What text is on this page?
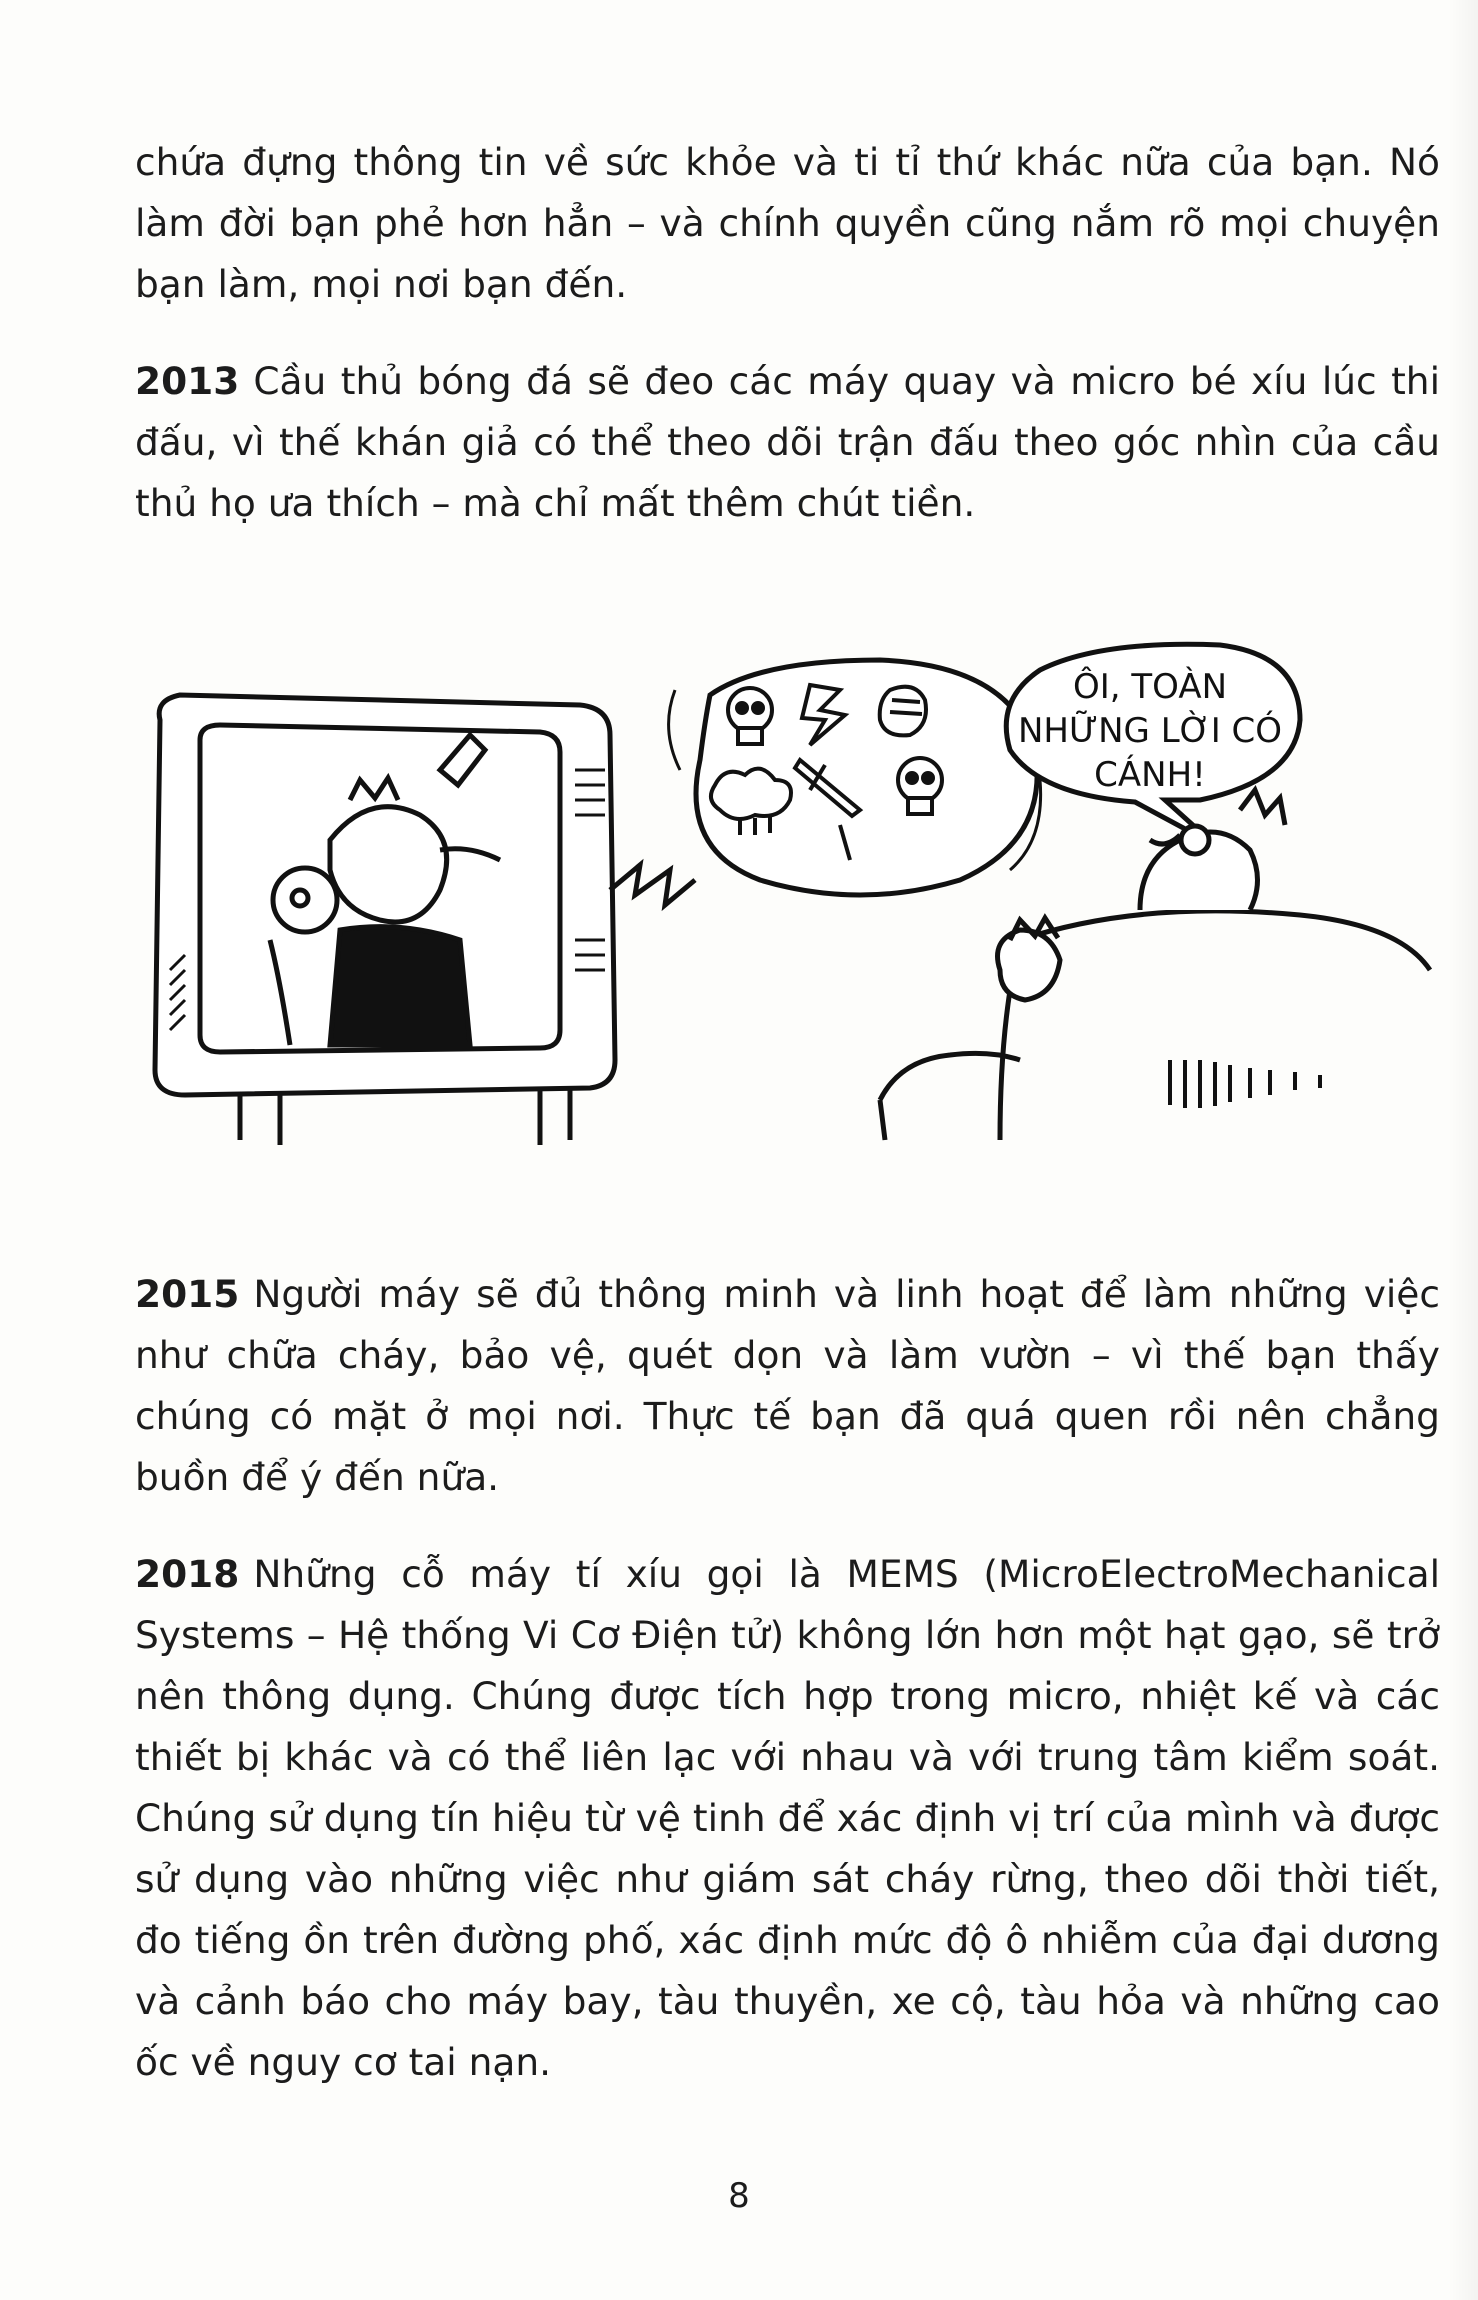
chứa đựng thông tin về sức khỏe và ti tỉ thứ khác nữa của bạn. Nó làm đời bạn phẻ hơn hẳn – và chính quyền cũng nắm rõ mọi chuyện bạn làm, mọi nơi bạn đến.

2013 Cầu thủ bóng đá sẽ đeo các máy quay và micro bé xíu lúc thi đấu, vì thế khán giả có thể theo dõi trận đấu theo góc nhìn của cầu thủ họ ưa thích – mà chỉ mất thêm chút tiền.

ÔI, TOÀN
NHỮNG LỜI CÓ
CÁNH!

2015 Người máy sẽ đủ thông minh và linh hoạt để làm những việc như chữa cháy, bảo vệ, quét dọn và làm vườn – vì thế bạn thấy chúng có mặt ở mọi nơi. Thực tế bạn đã quá quen rồi nên chẳng buồn để ý đến nữa.

2018 Những cỗ máy tí xíu gọi là MEMS (MicroElectroMechanical Systems – Hệ thống Vi Cơ Điện tử) không lớn hơn một hạt gạo, sẽ trở nên thông dụng. Chúng được tích hợp trong micro, nhiệt kế và các thiết bị khác và có thể liên lạc với nhau và với trung tâm kiểm soát. Chúng sử dụng tín hiệu từ vệ tinh để xác định vị trí của mình và được sử dụng vào những việc như giám sát cháy rừng, theo dõi thời tiết, đo tiếng ồn trên đường phố, xác định mức độ ô nhiễm của đại dương và cảnh báo cho máy bay, tàu thuyền, xe cộ, tàu hỏa và những cao ốc về nguy cơ tai nạn.

8
